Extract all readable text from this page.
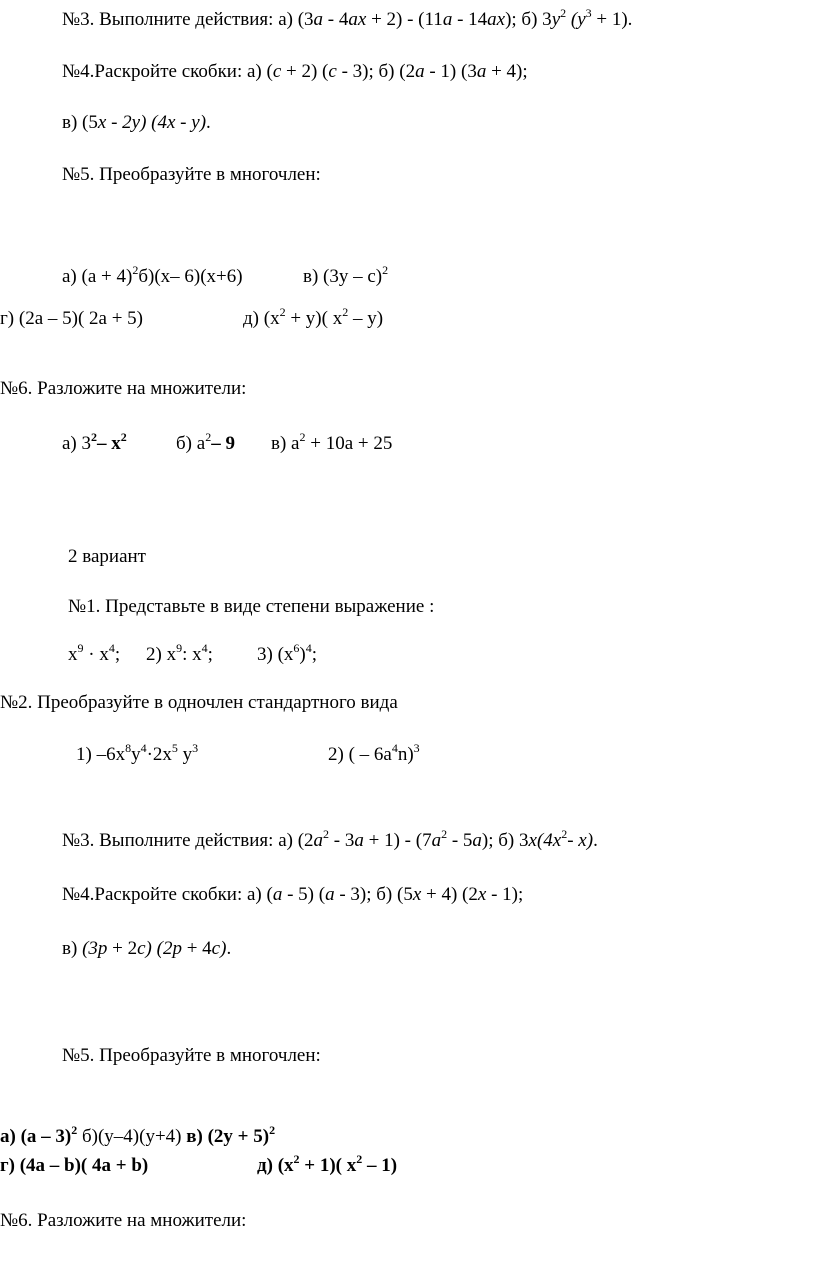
№3. Выполните действия: а) (3а - 4ах + 2) - (11а - 14ах); б) $3у^2$ $(у^3 + 1)$.
№4.Раскройте скобки: а) (с + 2) (с - 3); б) (2а - 1) (3а + 4);
в) (5х - 2у) (4х - у).
№5. Преобразуйте в многочлен:
а) $(а + 4)^2б)(х-$ 6)(х+6)	в) (3у – с)$^2$
г) (2а – 5)( 2а + 5)	д) $(х^2 + у)$( $х^2 - у$)
№6. Разложите на множители:
а) $3^2-$ $х^2$	б) $а^2-$ 9 в) $а^2 + 10а + 25$
2 вариант
№1. Представьте в виде степени выражение :
$х^9 \cdot х^4$; 2) $х^9$: $х^4$; 3) $(х^6)^4$;
№2. Преобразуйте в одночлен стандартного вида
1) $-6х^8у^4\cdot 2х^5$ $у^3$	2) ( – $6а^4n)^3$
№3. Выполните действия: а) $(2а^2 - 3а + 1) - (7а^2 - 5а)$; б) $3х(4х^2-$ х).
№4.Раскройте скобки: а) (а - 5) (а - 3); б) (5х + 4) (2х - 1);
в) (3р + 2с) (2р + 4с).
№5. Преобразуйте в многочлен:
а) (а – 3)$^2$ б)(у–4)(у+4) в) $(2у + 5)^2$
г) (4а – b)( 4а + b)	д) $(х^2 + 1)$( $х^2 - 1$)
№6. Разложите на множители:
